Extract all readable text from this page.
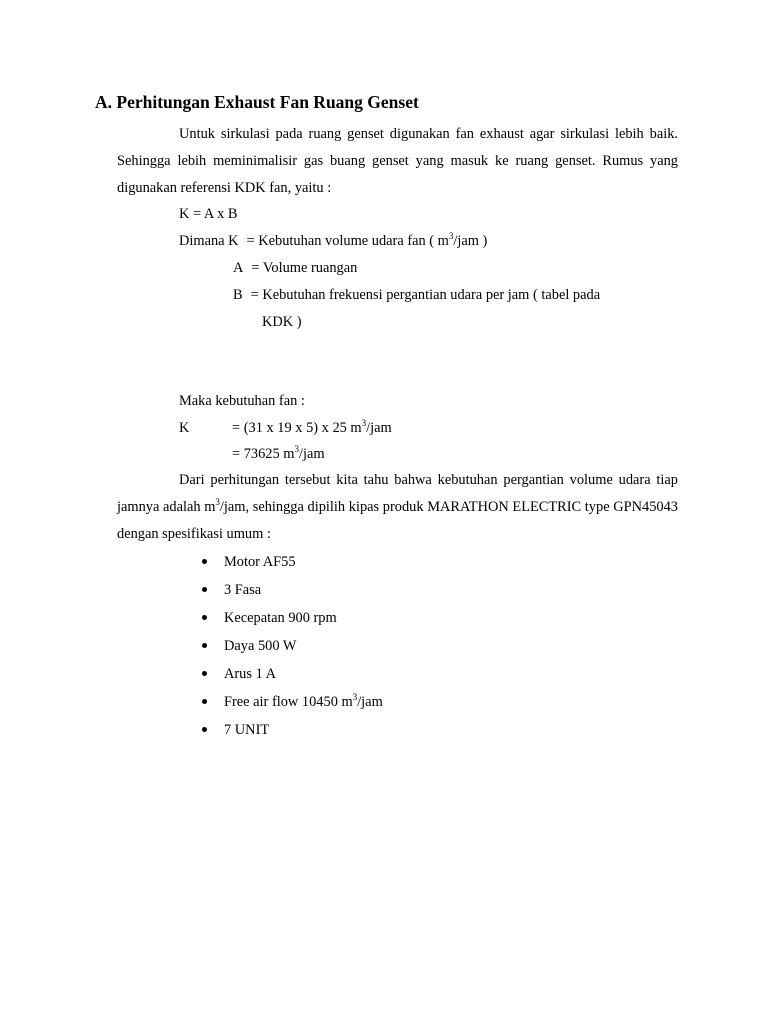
A. Perhitungan Exhaust Fan Ruang Genset

Untuk sirkulasi pada ruang genset digunakan fan exhaust agar sirkulasi lebih baik. Sehingga lebih meminimalisir gas buang genset yang masuk ke ruang genset. Rumus yang digunakan referensi KDK fan, yaitu :

K = A x B
Dimana K = Kebutuhan volume udara fan ( $m^3$/jam )
A = Volume ruangan
B = Kebutuhan frekuensi pergantian udara per jam ( tabel pada
KDK )
Maka kebutuhan fan :
K	= (31 x 19 x 5) x 25 $m^3$/jam
= 73625 $m^3$/jam

Dari perhitungan tersebut kita tahu bahwa kebutuhan pergantian volume udara tiap jamnya adalah $m^3$/jam, sehingga dipilih kipas produk MARATHON ELECTRIC type GPN45043 dengan spesifikasi umum :

Motor AF55
3 Fasa
Kecepatan 900 rpm
Daya 500 W
Arus 1 A
Free air flow 10450 $m^3$/jam
7 UNIT
